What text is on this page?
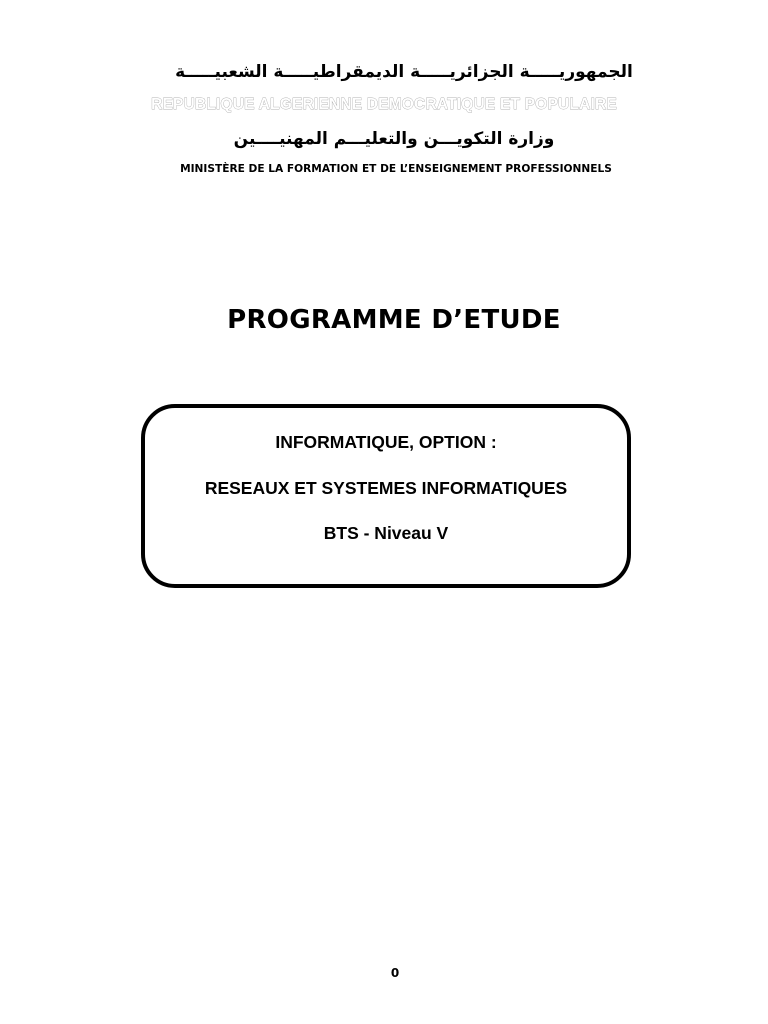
الجمهوريـــــة الجزائريـــــة الديمقراطيـــــة الشعبيـــــة
REPUBLIQUE ALGERIENNE DEMOCRATIQUE ET POPULAIRE
وزارة التكويـــن والتعليـــم المهنيــــين
MINISTÈRE DE LA FORMATION ET DE L’ENSEIGNEMENT PROFESSIONNELS
PROGRAMME D’ETUDE
INFORMATIQUE, OPTION :
RESEAUX ET SYSTEMES INFORMATIQUES
BTS - Niveau V
0
